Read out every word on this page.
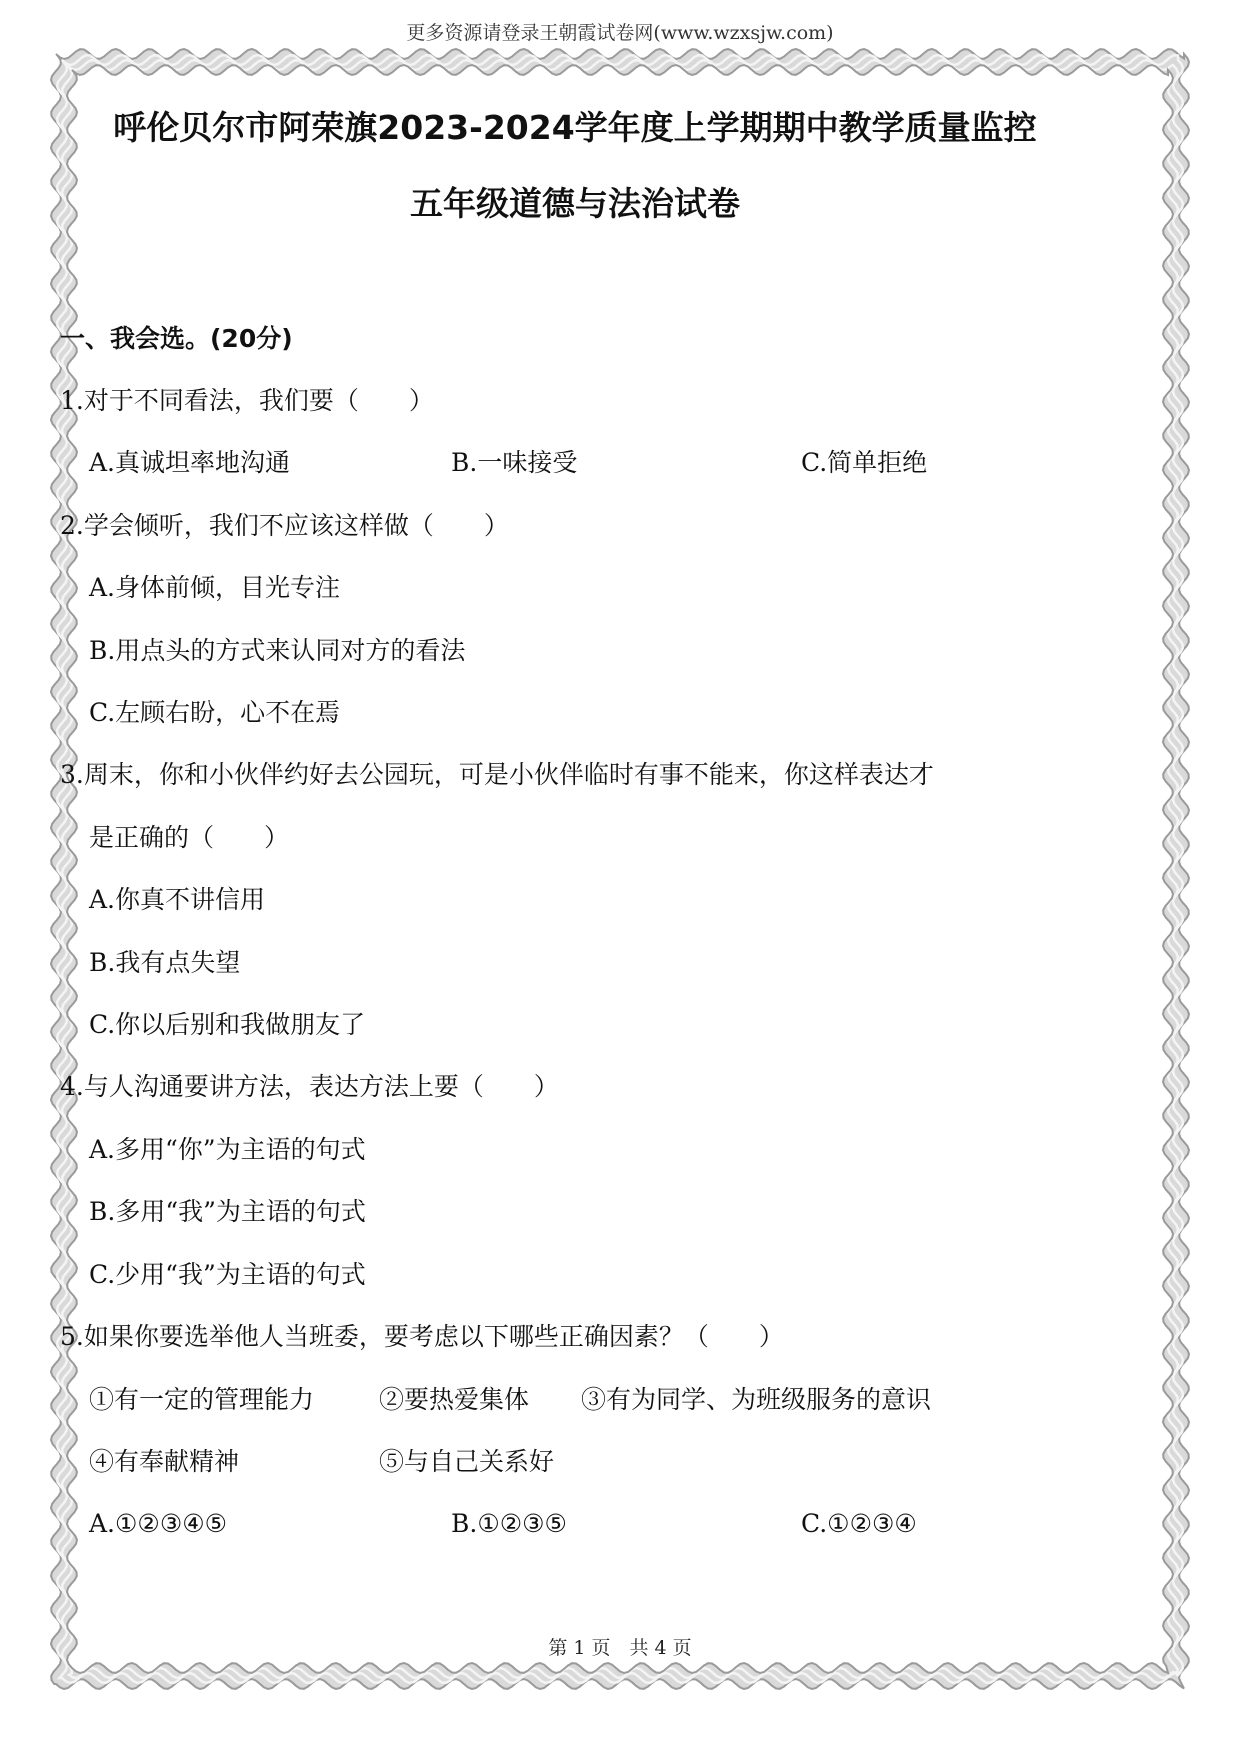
更多资源请登录王朝霞试卷网(www.wzxsjw.com)
呼伦贝尔市阿荣旗2023-2024学年度上学期期中教学质量监控
五年级道德与法治试卷
一、我会选。(20分)
1.对于不同看法，我们要（　　）
A.真诚坦率地沟通	B.一味接受	C.简单拒绝
2.学会倾听，我们不应该这样做（　　）
A.身体前倾，目光专注
B.用点头的方式来认同对方的看法
C.左顾右盼，心不在焉
3.周末，你和小伙伴约好去公园玩，可是小伙伴临时有事不能来，你这样表达才
是正确的（　　）
A.你真不讲信用
B.我有点失望
C.你以后别和我做朋友了
4.与人沟通要讲方法，表达方法上要（　　）
A.多用“你”为主语的句式
B.多用“我”为主语的句式
C.少用“我”为主语的句式
5.如果你要选举他人当班委，要考虑以下哪些正确因素？（　　）
①有一定的管理能力	②要热爱集体	③有为同学、为班级服务的意识
④有奉献精神	⑤与自己关系好
A.①②③④⑤	B.①②③⑤	C.①②③④
第 1 页　共 4 页
